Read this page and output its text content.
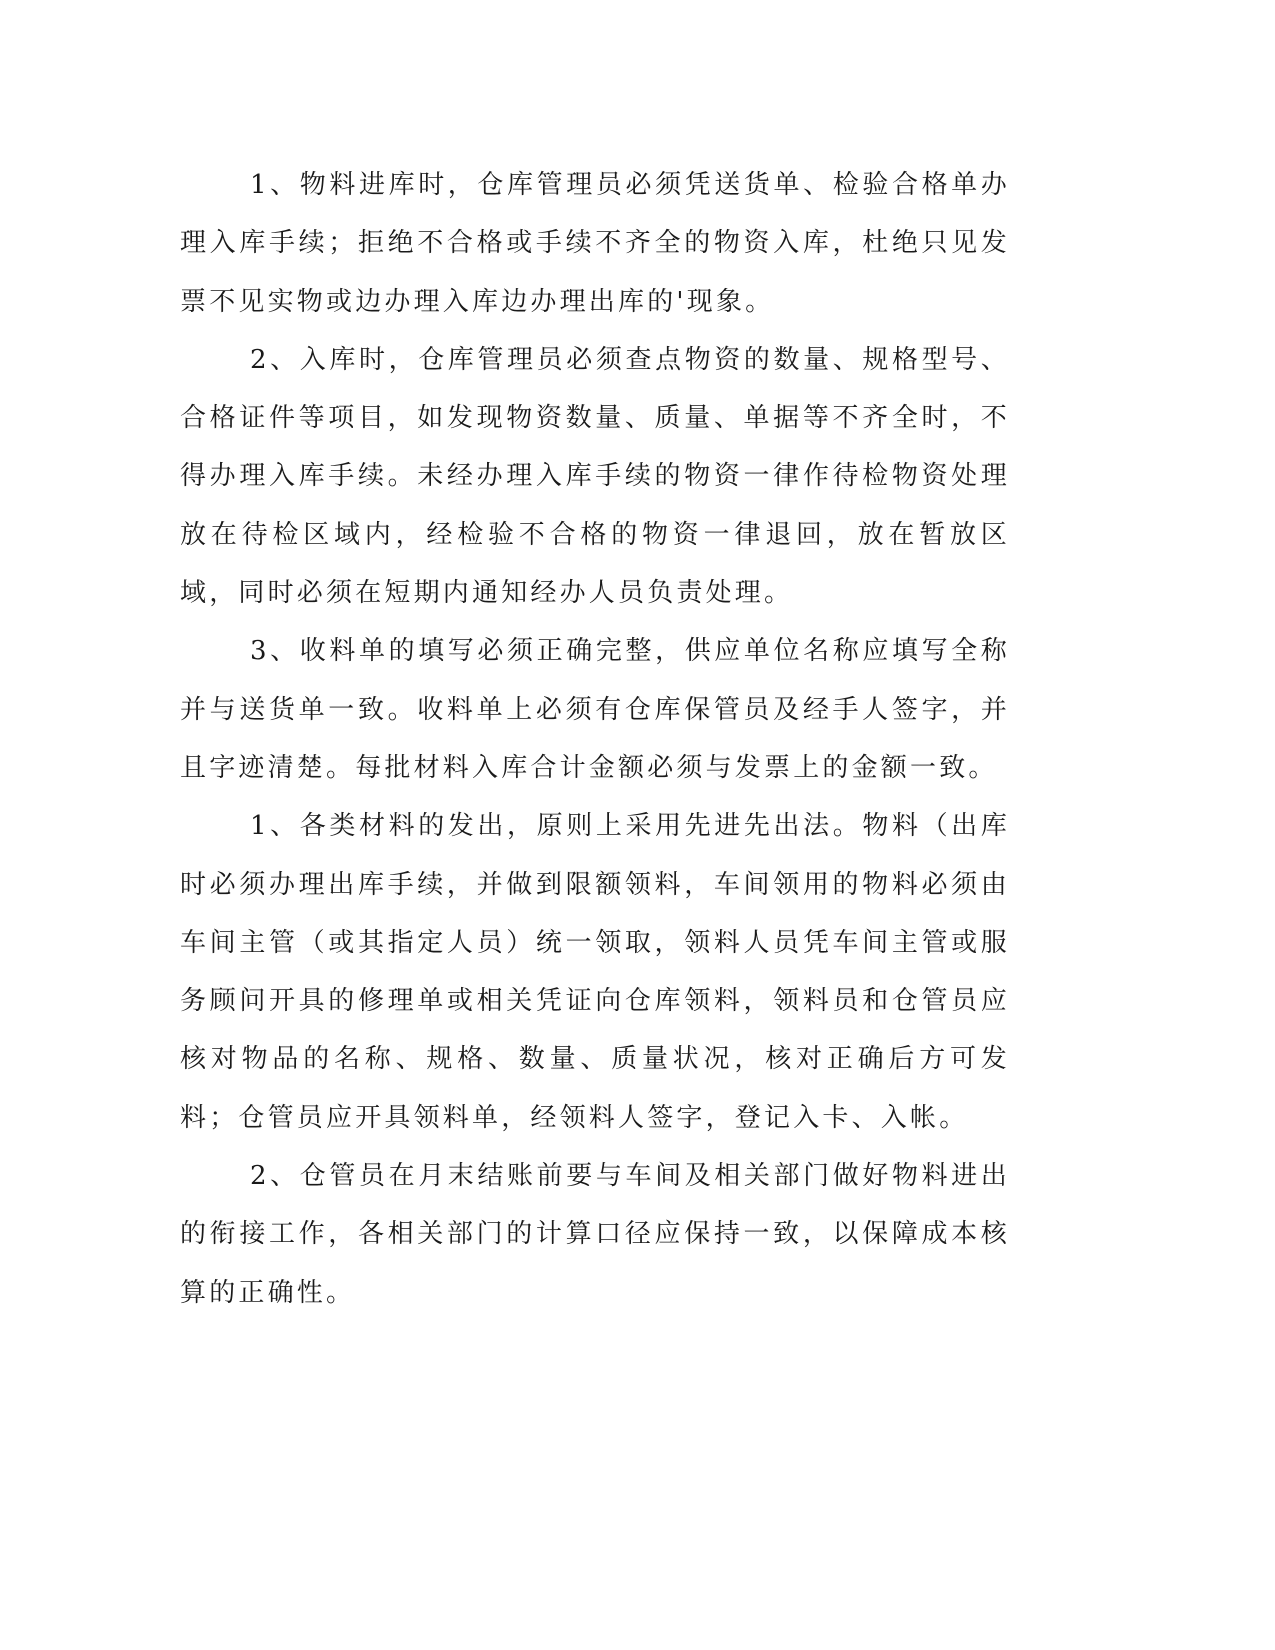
1、物料进库时，仓库管理员必须凭送货单、检验合格单办理入库手续；拒绝不合格或手续不齐全的物资入库，杜绝只见发票不见实物或边办理入库边办理出库的'现象。

2、入库时，仓库管理员必须查点物资的数量、规格型号、合格证件等项目，如发现物资数量、质量、单据等不齐全时，不得办理入库手续。未经办理入库手续的物资一律作待检物资处理放在待检区域内，经检验不合格的物资一律退回，放在暂放区域，同时必须在短期内通知经办人员负责处理。

3、收料单的填写必须正确完整，供应单位名称应填写全称并与送货单一致。收料单上必须有仓库保管员及经手人签字，并且字迹清楚。每批材料入库合计金额必须与发票上的金额一致。

1、各类材料的发出，原则上采用先进先出法。物料（出库时必须办理出库手续，并做到限额领料，车间领用的物料必须由车间主管（或其指定人员）统一领取，领料人员凭车间主管或服务顾问开具的修理单或相关凭证向仓库领料，领料员和仓管员应核对物品的名称、规格、数量、质量状况，核对正确后方可发料；仓管员应开具领料单，经领料人签字，登记入卡、入帐。

2、仓管员在月末结账前要与车间及相关部门做好物料进出的衔接工作，各相关部门的计算口径应保持一致，以保障成本核算的正确性。
